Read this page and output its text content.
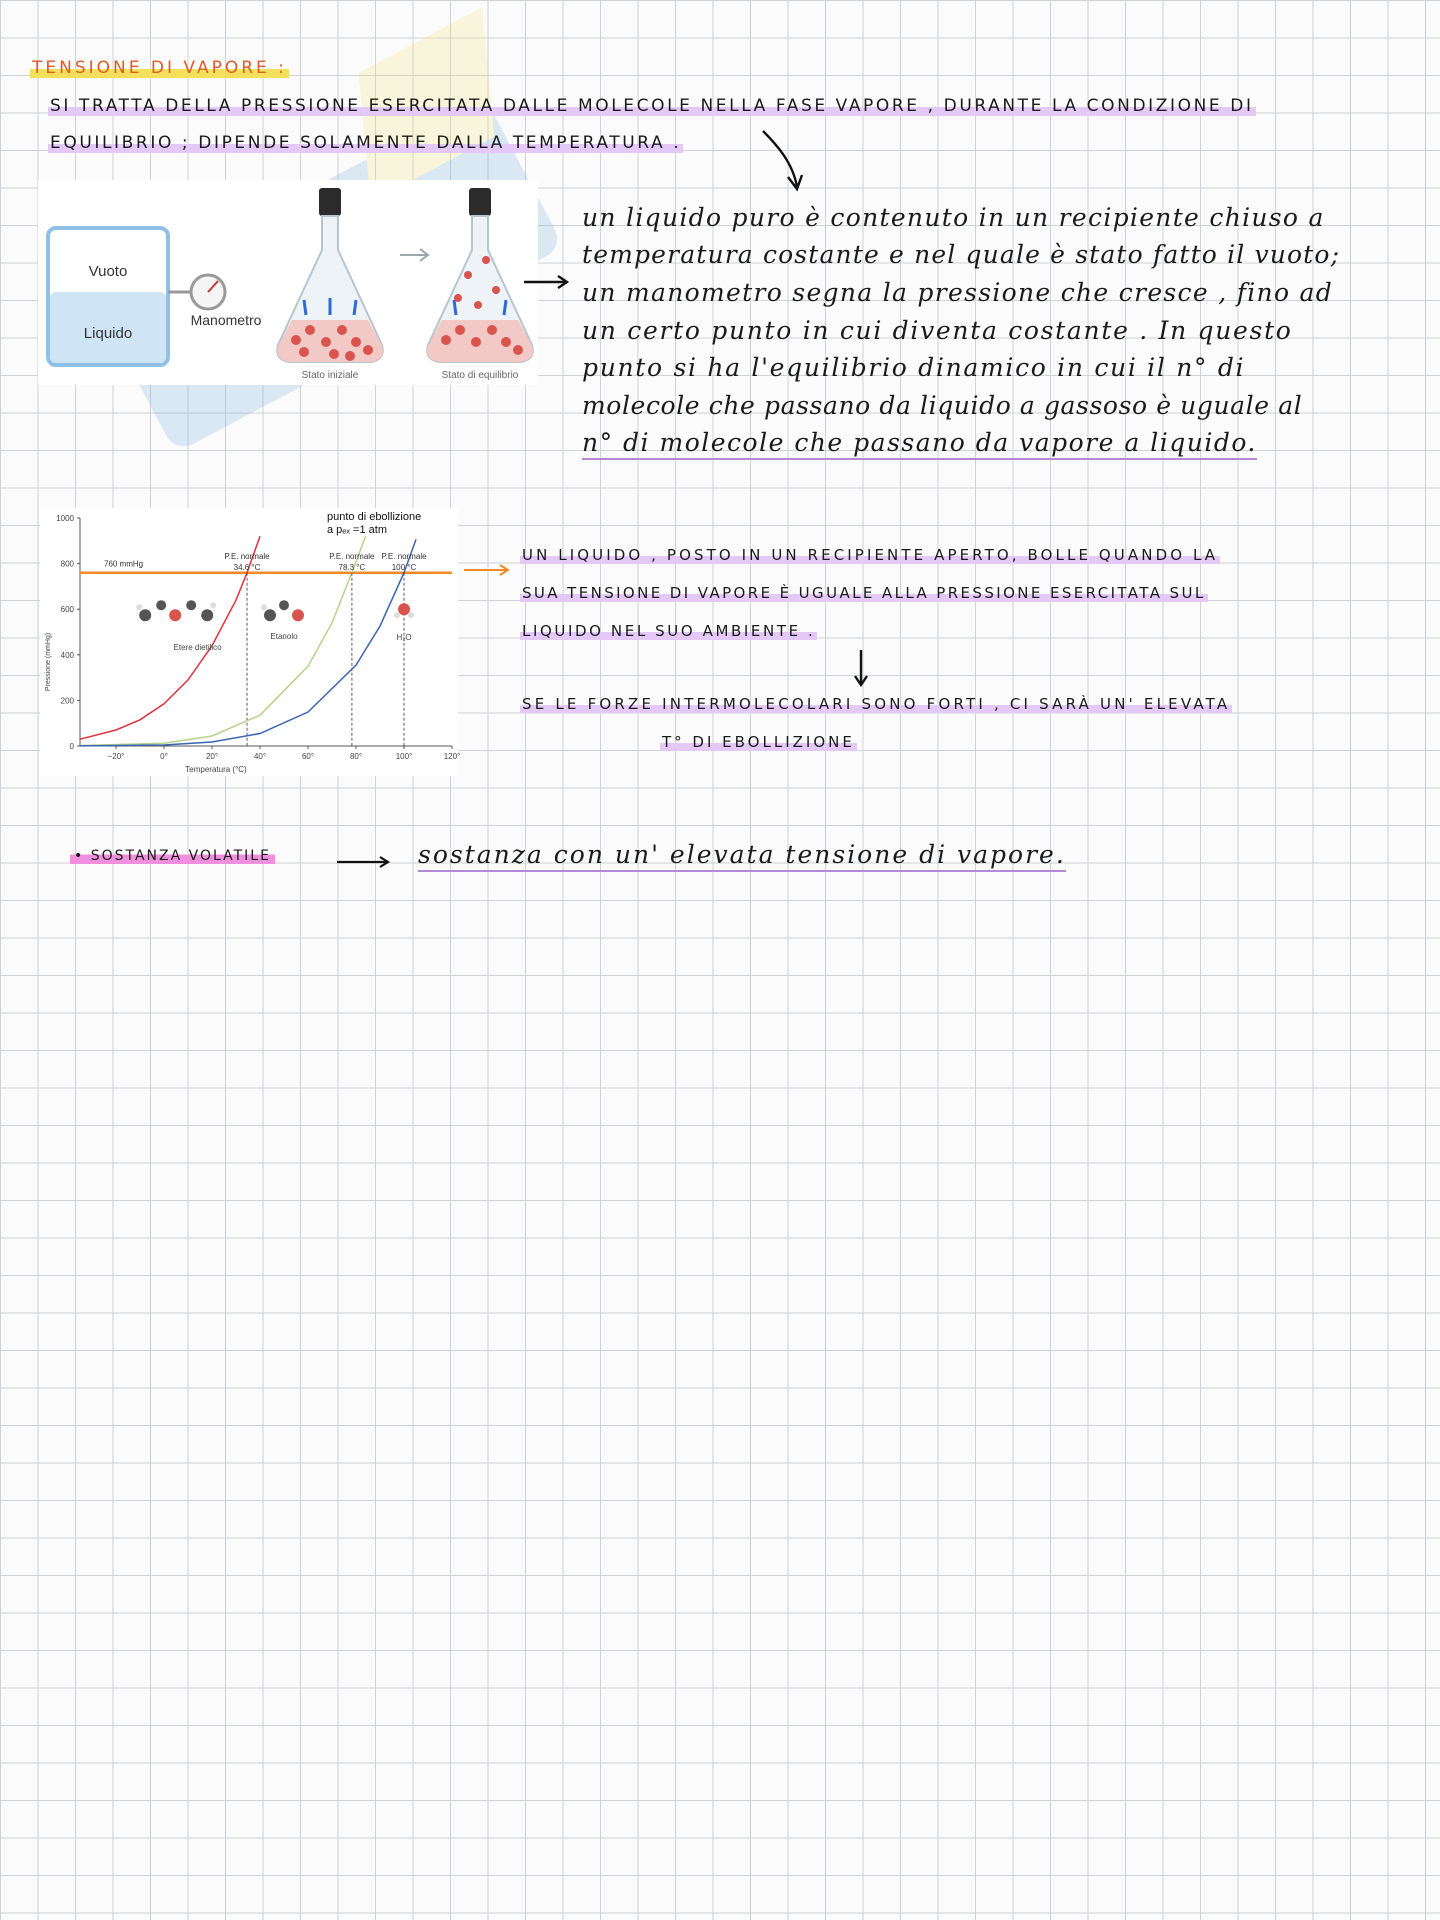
TENSIONE DI VAPORE :
SI TRATTA DELLA PRESSIONE ESERCITATA DALLE MOLECOLE NELLA FASE VAPORE , DURANTE LA CONDIZIONE DI
EQUILIBRIO ; DIPENDE SOLAMENTE DALLA TEMPERATURA .
Vuoto
Liquido
Manometro
Stato iniziale	Stato di equilibrio
un liquido puro è contenuto in un recipiente chiuso a
temperatura costante e nel quale è stato fatto il vuoto;
un manometro segna la pressione che cresce , fino ad
un certo punto in cui diventa costante . In questo
punto si ha l'equilibrio dinamico in cui il n° di
molecole che passano da liquido a gassoso è uguale al
n° di molecole che passano da vapore a liquido.
−20°	0°	20°	40°	60°	80°	100°	120°
0
200
400
600
800
1000
Temperatura (°C)
Pressione (mmHg)
760 mmHg
punto di ebollizione
a pₑₓ =1 atm
P.E. normale
34.6 °C
P.E. normale
78.3 °C
P.E. normale
100 °C
Etere dietilico
Etanolo	H₂O
UN LIQUIDO , POSTO IN UN RECIPIENTE APERTO, BOLLE QUANDO LA
SUA TENSIONE DI VAPORE È UGUALE ALLA PRESSIONE ESERCITATA SUL
LIQUIDO NEL SUO AMBIENTE .
SE LE FORZE INTERMOLECOLARI SONO FORTI , CI SARÀ UN' ELEVATA
T° DI EBOLLIZIONE
• SOSTANZA VOLATILE	sostanza con un' elevata tensione di vapore.
